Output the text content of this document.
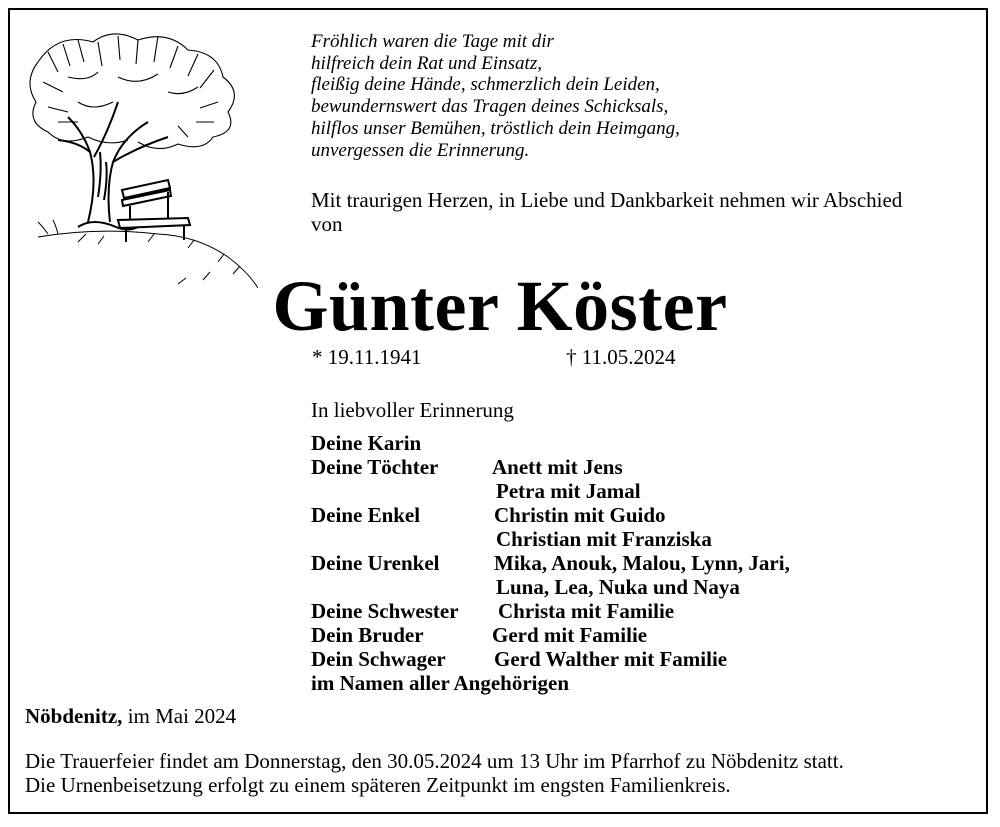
Fröhlich waren die Tage mit dir
hilfreich dein Rat und Einsatz,
fleißig deine Hände, schmerzlich dein Leiden,
bewundernswert das Tragen deines Schicksals,
hilflos unser Bemühen, tröstlich dein Heimgang,
unvergessen die Erinnerung.
Mit traurigen Herzen, in Liebe und Dankbarkeit nehmen wir Abschied von
Günter Köster
* 19.11.1941	† 11.05.2024
In liebvoller Erinnerung
Deine Karin
Deine Töchter	Anett mit Jens
Petra mit Jamal
Deine Enkel	Christin mit Guido
Christian mit Franziska
Deine Urenkel	Mika, Anouk, Malou, Lynn, Jari,
Luna, Lea, Nuka und Naya
Deine Schwester Christa mit Familie
Dein Bruder	Gerd mit Familie
Dein Schwager Gerd Walther mit Familie
im Namen aller Angehörigen
Nöbdenitz, im Mai 2024
Die Trauerfeier findet am Donnerstag, den 30.05.2024 um 13 Uhr im Pfarrhof zu Nöbdenitz statt.
Die Urnenbeisetzung erfolgt zu einem späteren Zeitpunkt im engsten Familienkreis.
